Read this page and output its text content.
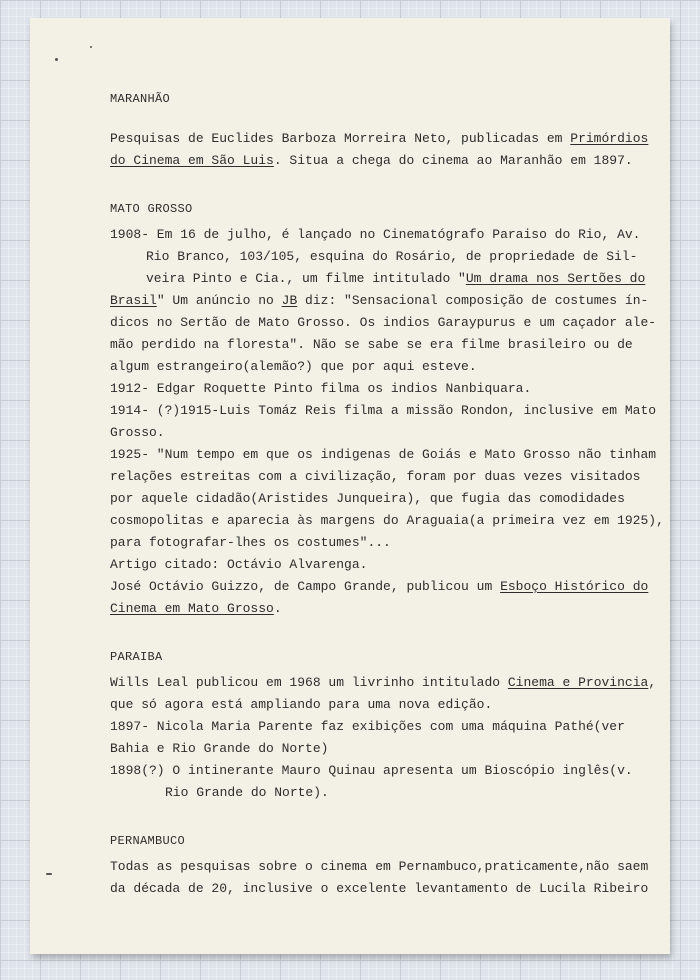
MARANHÃO
Pesquisas de Euclides Barboza Morreira Neto, publicadas em Primórdios
do Cinema em São Luis. Situa a chega do cinema ao Maranhão em 1897.
MATO GROSSO
1908- Em 16 de julho, é lançado no Cinematógrafo Paraiso do Rio, Av.
Rio Branco, 103/105, esquina do Rosário, de propriedade de Sil-
veira Pinto e Cia., um filme intitulado "Um drama nos Sertões do
Brasil" Um anúncio no JB diz: "Sensacional composição de costumes ín-
dicos no Sertão de Mato Grosso. Os indios Garaypurus e um caçador ale-
mão perdido na floresta". Não se sabe se era filme brasileiro ou de
algum estrangeiro(alemão?) que por aqui esteve.
1912- Edgar Roquette Pinto filma os indios Nanbiquara.
1914- (?)1915-Luis Tomáz Reis filma a missão Rondon, inclusive em Mato
Grosso.
1925- "Num tempo em que os indigenas de Goiás e Mato Grosso não tinham
relações estreitas com a civilização, foram por duas vezes visitados
por aquele cidadão(Aristides Junqueira), que fugia das comodidades
cosmopolitas e aparecia às margens do Araguaia(a primeira vez em 1925),
para fotografar-lhes os costumes"...
Artigo citado: Octávio Alvarenga.
José Octávio Guizzo, de Campo Grande, publicou um Esboço Histórico do
Cinema em Mato Grosso.
PARAIBA
Wills Leal publicou em 1968 um livrinho intitulado Cinema e Provincia,
que só agora está ampliando para uma nova edição.
1897- Nicola Maria Parente faz exibições com uma máquina Pathé(ver
Bahia e Rio Grande do Norte)
1898(?) O intinerante Mauro Quinau apresenta um Bioscópio inglês(v.
Rio Grande do Norte).
PERNAMBUCO
Todas as pesquisas sobre o cinema em Pernambuco,praticamente,não saem
da década de 20, inclusive o excelente levantamento de Lucila Ribeiro
